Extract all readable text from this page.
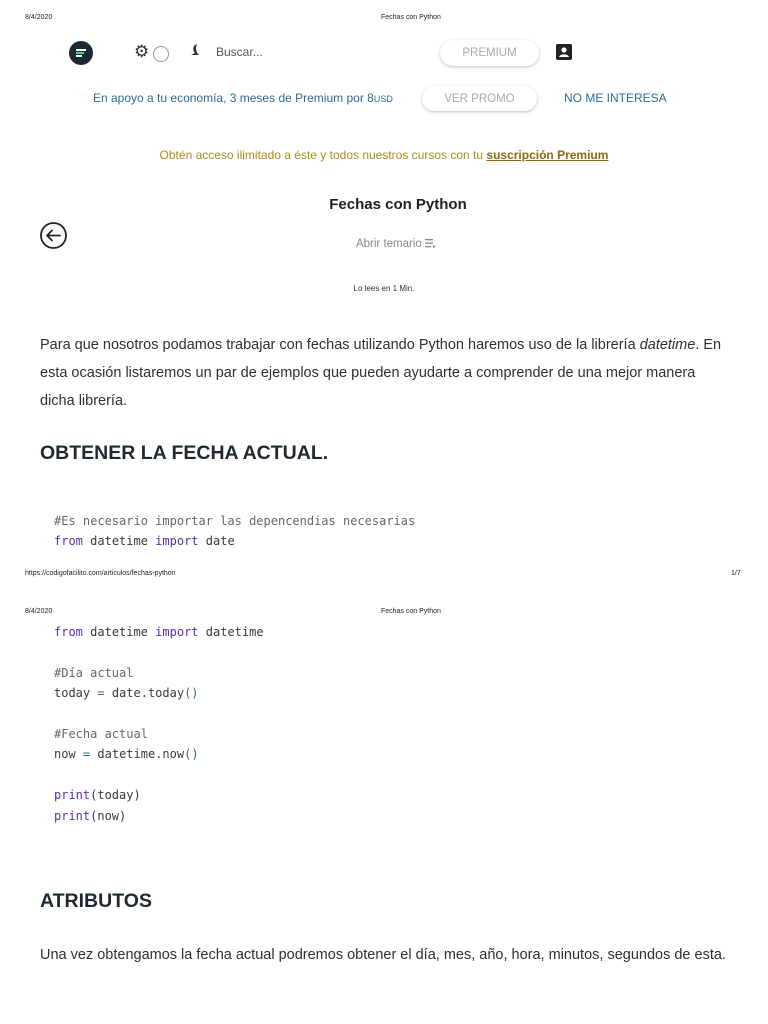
8/4/2020	Fechas con Python
⚙	Buscar...	PREMIUM
En apoyo a tu economía, 3 meses de Premium por 8USD	VER PROMO	NO ME INTERESA
Obtén acceso ilimitado a éste y todos nuestros cursos con tu suscripción Premium
Fechas con Python
Abrir temario
Lo lees en 1 Min.
Para que nosotros podamos trabajar con fechas utilizando Python haremos uso de la librería datetime. En esta ocasión listaremos un par de ejemplos que pueden ayudarte a comprender de una mejor manera dicha librería.
OBTENER LA FECHA ACTUAL.
#Es necesario importar las depencendias necesarias
from datetime import date
https://codigofacilito.com/articulos/fechas-python	1/7
8/4/2020	Fechas con Python
from datetime import datetime

#Día actual
today = date.today()

#Fecha actual
now = datetime.now()

print(today)
print(now)
ATRIBUTOS
Una vez obtengamos la fecha actual podremos obtener el día, mes, año, hora, minutos, segundos de esta.
